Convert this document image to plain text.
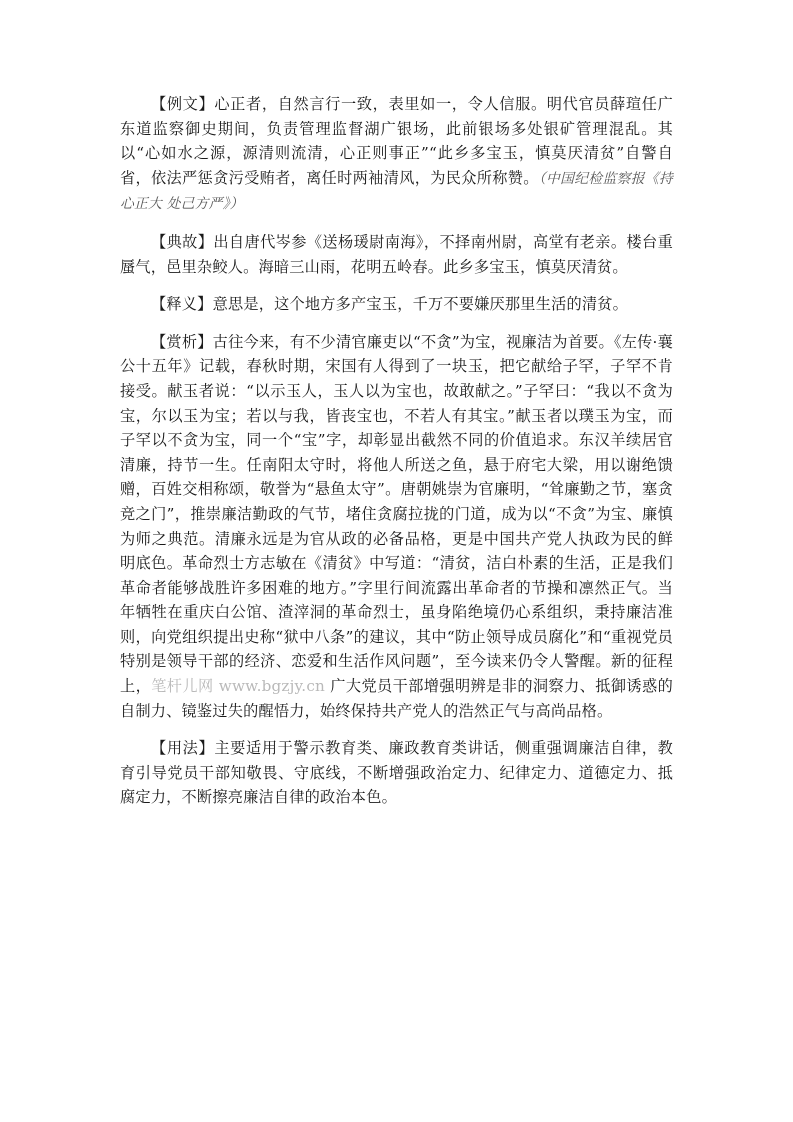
【例文】心正者，自然言行一致，表里如一，令人信服。明代官员薛瑄任广东道监察御史期间，负责管理监督湖广银场，此前银场多处银矿管理混乱。其以“心如水之源，源清则流清，心正则事正”“此乡多宝玉，慎莫厌清贫”自警自省，依法严惩贪污受贿者，离任时两袖清风，为民众所称赞。（中国纪检监察报《持心正大 处己方严》）

【典故】出自唐代岑参《送杨瑗尉南海》，不择南州尉，高堂有老亲。楼台重蜃气，邑里杂鲛人。海暗三山雨，花明五岭春。此乡多宝玉，慎莫厌清贫。

【释义】意思是，这个地方多产宝玉，千万不要嫌厌那里生活的清贫。

【赏析】古往今来，有不少清官廉吏以“不贪”为宝，视廉洁为首要。《左传·襄公十五年》记载，春秋时期，宋国有人得到了一块玉，把它献给子罕，子罕不肯接受。献玉者说：“以示玉人，玉人以为宝也，故敢献之。”子罕曰：“我以不贪为宝，尔以玉为宝；若以与我，皆丧宝也，不若人有其宝。”献玉者以璞玉为宝，而子罕以不贪为宝，同一个“宝”字，却彰显出截然不同的价值追求。东汉羊续居官清廉，持节一生。任南阳太守时，将他人所送之鱼，悬于府宅大梁，用以谢绝馈赠，百姓交相称颂，敬誉为“悬鱼太守”。唐朝姚崇为官廉明，“耸廉勤之节，塞贪竞之门”，推崇廉洁勤政的气节，堵住贪腐拉拢的门道，成为以“不贪”为宝、廉慎为师之典范。清廉永远是为官从政的必备品格，更是中国共产党人执政为民的鲜明底色。革命烈士方志敏在《清贫》中写道：“清贫，洁白朴素的生活，正是我们革命者能够战胜许多困难的地方。”字里行间流露出革命者的节操和凛然正气。当年牺牲在重庆白公馆、渣滓洞的革命烈士，虽身陷绝境仍心系组织，秉持廉洁准则，向党组织提出史称“狱中八条”的建议，其中“防止领导成员腐化”和“重视党员特别是领导干部的经济、恋爱和生活作风问题”，至今读来仍令人警醒。新的征程上，笔杆儿网 www.bgzjy.cn 广大党员干部增强明辨是非的洞察力、抵御诱惑的自制力、镜鉴过失的醒悟力，始终保持共产党人的浩然正气与高尚品格。

【用法】主要适用于警示教育类、廉政教育类讲话，侧重强调廉洁自律，教育引导党员干部知敬畏、守底线，不断增强政治定力、纪律定力、道德定力、抵腐定力，不断擦亮廉洁自律的政治本色。
